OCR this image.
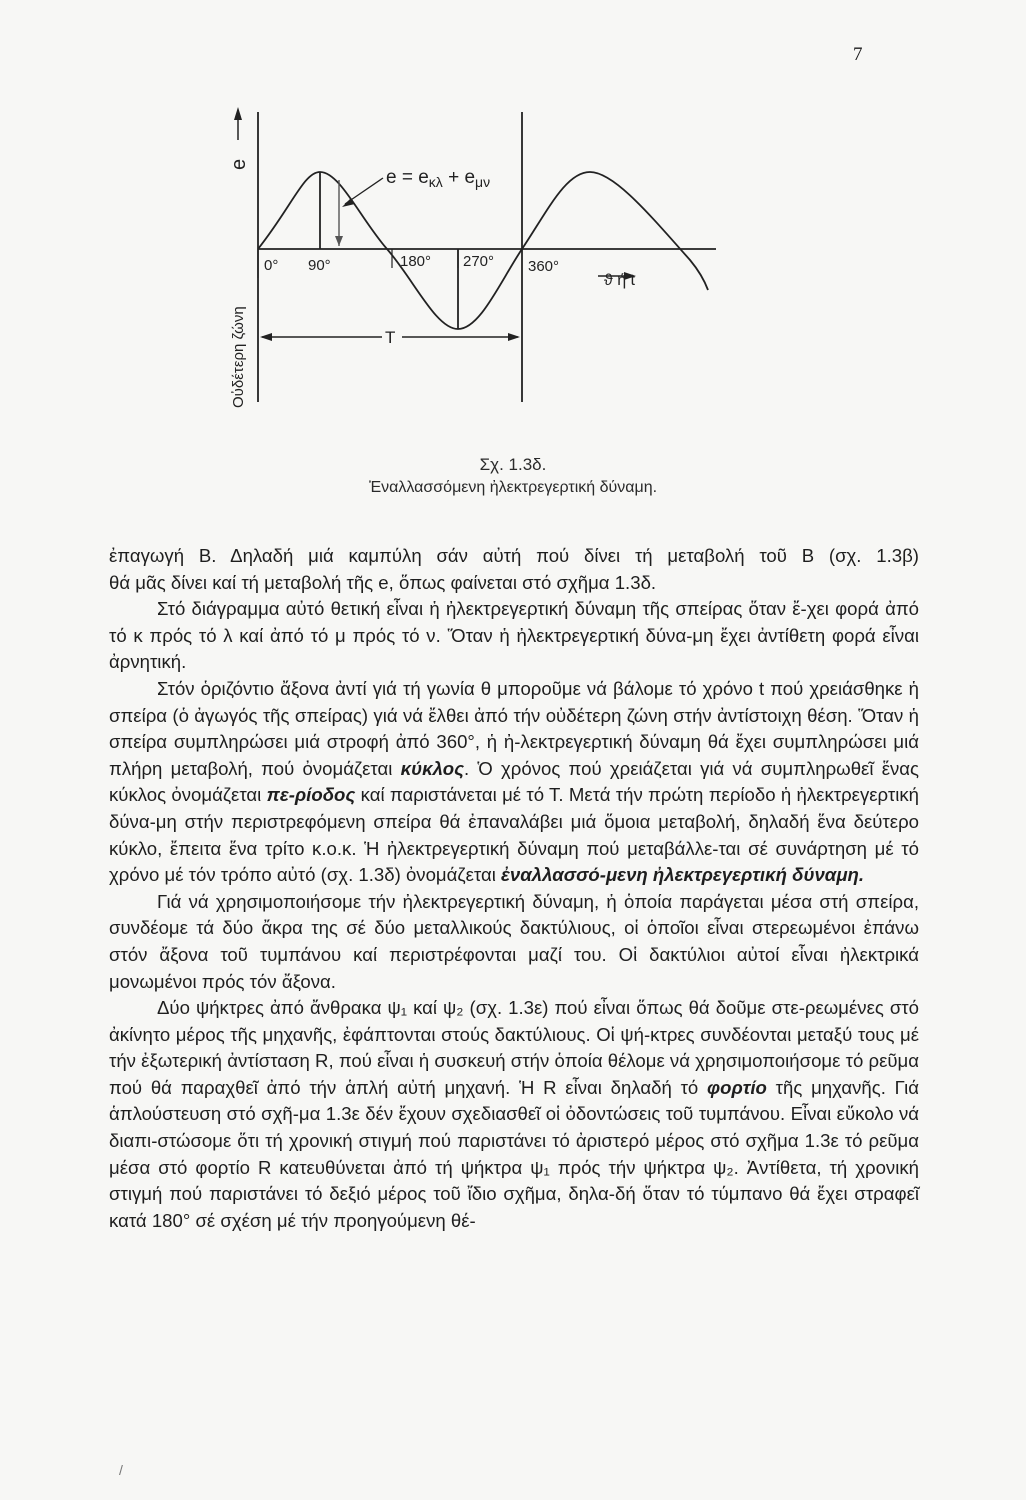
7
e
$e = e_{\kappa\lambda} + e_{\mu\nu}$
0° 90°	180° 270° 360°
ϑ ή t
T
Οὐδέτερη ζώνη
Σχ. 1.3δ.
Ἐναλλασσόμενη ἠλεκτρεγερτική δύναμη.

ἐπαγωγή Β. Δηλαδή μιά καμπύλη σάν αὐτή πού δίνει τή μεταβολή τοῦ Β (σχ. 1.3β)
θά μᾶς δίνει καί τή μεταβολή τῆς e, ὅπως φαίνεται στό σχῆμα 1.3δ.

Στό διάγραμμα αὐτό θετική εἶναι ἡ ἠλεκτρεγερτική δύναμη τῆς σπείρας ὅταν ἔ-χει φορά ἀπό τό κ πρός τό λ καί ἀπό τό μ πρός τό ν. Ὅταν ἡ ἠλεκτρεγερτική δύνα-μη ἔχει ἀντίθετη φορά εἶναι ἀρνητική.

Στόν ὁριζόντιο ἄξονα ἀντί γιά τή γωνία θ μποροῦμε νά βάλομε τό χρόνο t πού χρειάσθηκε ἡ σπείρα (ὁ ἀγωγός τῆς σπείρας) γιά νά ἔλθει ἀπό τήν οὐδέτερη ζώνη στήν ἀντίστοιχη θέση. Ὅταν ἡ σπείρα συμπληρώσει μιά στροφή ἀπό 360°, ἡ ἠ-λεκτρεγερτική δύναμη θά ἔχει συμπληρώσει μιά πλήρη μεταβολή, πού ὀνομάζεται κύκλος. Ὁ χρόνος πού χρειάζεται γιά νά συμπληρωθεῖ ἕνας κύκλος ὀνομάζεται πε-ρίοδος καί παριστάνεται μέ τό Τ. Μετά τήν πρώτη περίοδο ἡ ἠλεκτρεγερτική δύνα-μη στήν περιστρεφόμενη σπείρα θά ἐπαναλάβει μιά ὅμοια μεταβολή, δηλαδή ἕνα δεύτερο κύκλο, ἔπειτα ἕνα τρίτο κ.ο.κ. Ἡ ἠλεκτρεγερτική δύναμη πού μεταβάλλε-ται σέ συνάρτηση μέ τό χρόνο μέ τόν τρόπο αὐτό (σχ. 1.3δ) ὀνομάζεται ἐναλλασσό-μενη ἠλεκτρεγερτική δύναμη.

Γιά νά χρησιμοποιήσομε τήν ἠλεκτρεγερτική δύναμη, ἡ ὁποία παράγεται μέσα στή σπείρα, συνδέομε τά δύο ἄκρα της σέ δύο μεταλλικούς δακτύλιους, οἱ ὁποῖοι εἶναι στερεωμένοι ἐπάνω στόν ἄξονα τοῦ τυμπάνου καί περιστρέφονται μαζί του. Οἱ δακτύλιοι αὐτοί εἶναι ἠλεκτρικά μονωμένοι πρός τόν ἄξονα.

Δύο ψήκτρες ἀπό ἄνθρακα ψ₁ καί ψ₂ (σχ. 1.3ε) πού εἶναι ὅπως θά δοῦμε στε-ρεωμένες στό ἀκίνητο μέρος τῆς μηχανῆς, ἐφάπτονται στούς δακτύλιους. Οἱ ψή-κτρες συνδέονται μεταξύ τους μέ τήν ἐξωτερική ἀντίσταση R, πού εἶναι ἡ συσκευή στήν ὁποία θέλομε νά χρησιμοποιήσομε τό ρεῦμα πού θά παραχθεῖ ἀπό τήν ἁπλή αὐτή μηχανή. Ἡ R εἶναι δηλαδή τό φορτίο τῆς μηχανῆς. Γιά ἁπλούστευση στό σχῆ-μα 1.3ε δέν ἔχουν σχεδιασθεῖ οἱ ὀδοντώσεις τοῦ τυμπάνου. Εἶναι εὔκολο νά διαπι-στώσομε ὅτι τή χρονική στιγμή πού παριστάνει τό ἀριστερό μέρος στό σχῆμα 1.3ε τό ρεῦμα μέσα στό φορτίο R κατευθύνεται ἀπό τή ψήκτρα ψ₁ πρός τήν ψήκτρα ψ₂. Ἀντίθετα, τή χρονική στιγμή πού παριστάνει τό δεξιό μέρος τοῦ ἴδιο σχῆμα, δηλα-δή ὅταν τό τύμπανο θά ἔχει στραφεῖ κατά 180° σέ σχέση μέ τήν προηγούμενη θέ-

/
